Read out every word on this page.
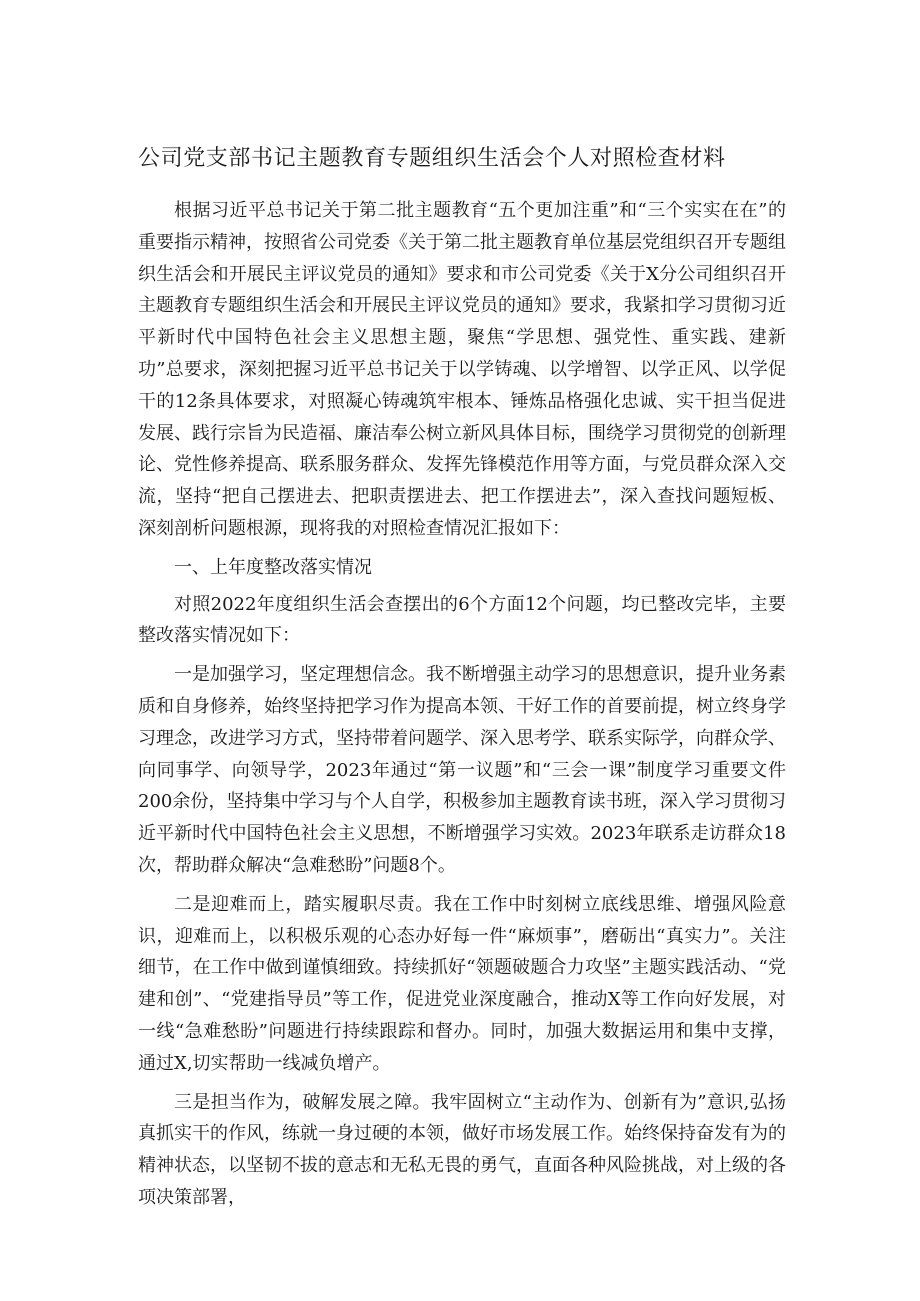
公司党支部书记主题教育专题组织生活会个人对照检查材料

根据习近平总书记关于第二批主题教育“五个更加注重”和“三个实实在在”的重要指示精神，按照省公司党委《关于第二批主题教育单位基层党组织召开专题组织生活会和开展民主评议党员的通知》要求和市公司党委《关于X分公司组织召开主题教育专题组织生活会和开展民主评议党员的通知》要求，我紧扣学习贯彻习近平新时代中国特色社会主义思想主题，聚焦“学思想、强党性、重实践、建新功”总要求，深刻把握习近平总书记关于以学铸魂、以学增智、以学正风、以学促干的12条具体要求，对照凝心铸魂筑牢根本、锤炼品格强化忠诚、实干担当促进发展、践行宗旨为民造福、廉洁奉公树立新风具体目标，围绕学习贯彻党的创新理论、党性修养提高、联系服务群众、发挥先锋模范作用等方面，与党员群众深入交流，坚持“把自己摆进去、把职责摆进去、把工作摆进去”，深入查找问题短板、深刻剖析问题根源，现将我的对照检查情况汇报如下：

一、上年度整改落实情况

对照2022年度组织生活会查摆出的6个方面12个问题，均已整改完毕，主要整改落实情况如下：

一是加强学习，坚定理想信念。我不断增强主动学习的思想意识，提升业务素质和自身修养，始终坚持把学习作为提高本领、干好工作的首要前提，树立终身学习理念，改进学习方式，坚持带着问题学、深入思考学、联系实际学，向群众学、向同事学、向领导学，2023年通过“第一议题”和“三会一课”制度学习重要文件200余份，坚持集中学习与个人自学，积极参加主题教育读书班，深入学习贯彻习近平新时代中国特色社会主义思想，不断增强学习实效。2023年联系走访群众18次，帮助群众解决“急难愁盼”问题8个。

二是迎难而上，踏实履职尽责。我在工作中时刻树立底线思维、增强风险意识，迎难而上，以积极乐观的心态办好每一件“麻烦事”，磨砺出“真实力”。关注细节，在工作中做到谨慎细致。持续抓好“领题破题合力攻坚”主题实践活动、“党建和创”、“党建指导员”等工作，促进党业深度融合，推动X等工作向好发展，对一线“急难愁盼”问题进行持续跟踪和督办。同时，加强大数据运用和集中支撑，通过X,切实帮助一线减负增产。

三是担当作为，破解发展之障。我牢固树立“主动作为、创新有为”意识,弘扬真抓实干的作风，练就一身过硬的本领，做好市场发展工作。始终保持奋发有为的精神状态，以坚韧不拔的意志和无私无畏的勇气，直面各种风险挑战，对上级的各项决策部署，
